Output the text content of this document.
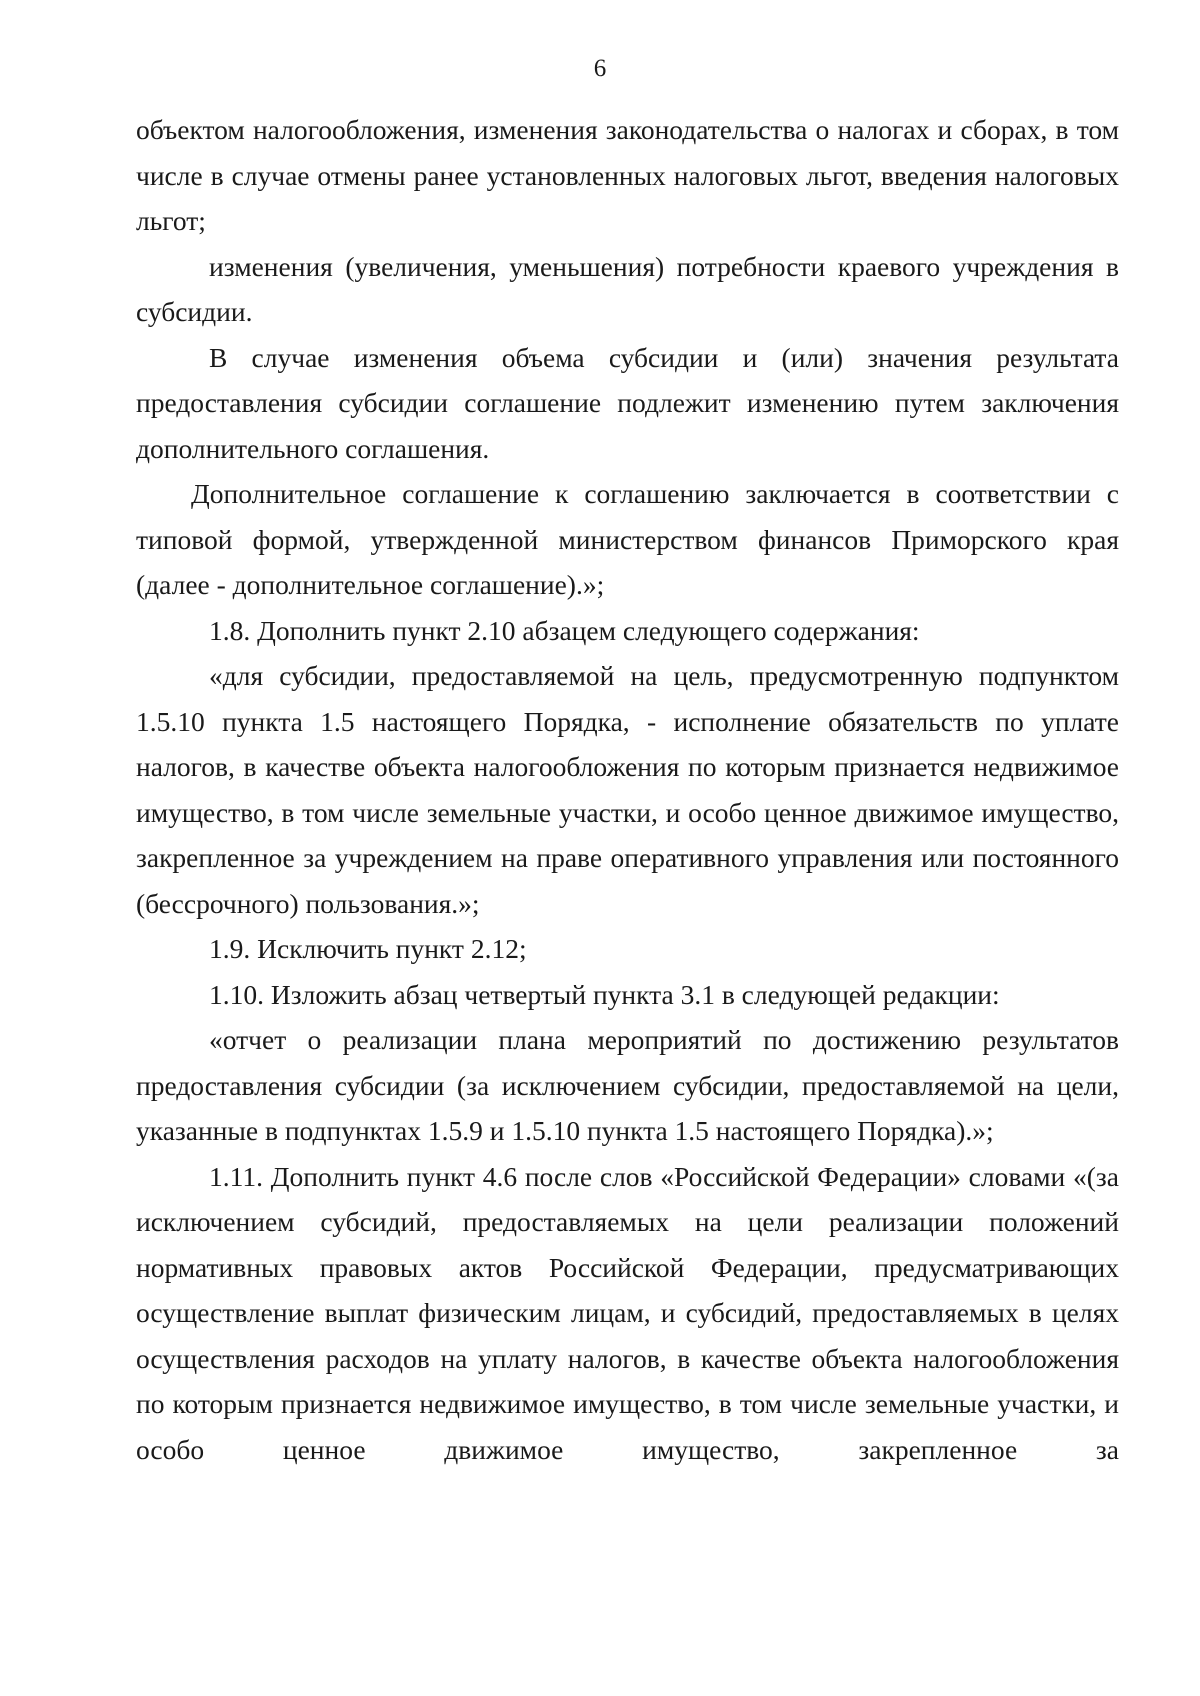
6

объектом налогообложения, изменения законодательства о налогах и сборах, в том числе в случае отмены ранее установленных налоговых льгот, введения налоговых льгот;

изменения (увеличения, уменьшения) потребности краевого учреждения в субсидии.

В случае изменения объема субсидии и (или) значения результата предоставления субсидии соглашение подлежит изменению путем заключения дополнительного соглашения.

Дополнительное соглашение к соглашению заключается в соответствии с типовой формой, утвержденной министерством финансов Приморского края (далее - дополнительное соглашение).»;

1.8. Дополнить пункт 2.10 абзацем следующего содержания:

«для субсидии, предоставляемой на цель, предусмотренную подпунктом 1.5.10 пункта 1.5 настоящего Порядка, - исполнение обязательств по уплате налогов, в качестве объекта налогообложения по которым признается недвижимое имущество, в том числе земельные участки, и особо ценное движимое имущество, закрепленное за учреждением на праве оперативного управления или постоянного (бессрочного) пользования.»;

1.9. Исключить пункт 2.12;

1.10. Изложить абзац четвертый пункта 3.1 в следующей редакции:

«отчет о реализации плана мероприятий по достижению результатов предоставления субсидии (за исключением субсидии, предоставляемой на цели, указанные в подпунктах 1.5.9 и 1.5.10 пункта 1.5 настоящего Порядка).»;

1.11. Дополнить пункт 4.6 после слов «Российской Федерации» словами «(за исключением субсидий, предоставляемых на цели реализации положений нормативных правовых актов Российской Федерации, предусматривающих осуществление выплат физическим лицам, и субсидий, предоставляемых в целях осуществления расходов на уплату налогов, в качестве объекта налогообложения по которым признается недвижимое имущество, в том числе земельные участки, и особо ценное движимое имущество, закрепленное за
